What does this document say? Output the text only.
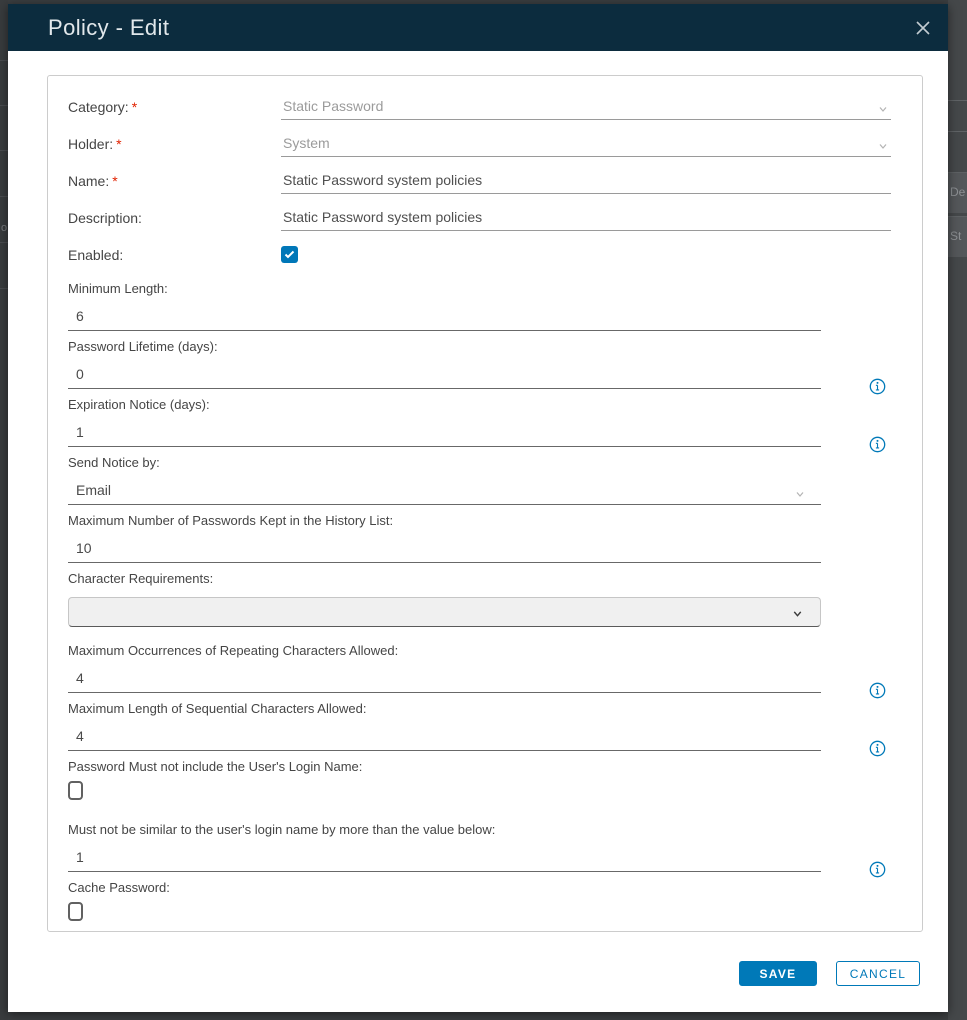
o
De
St
Policy - Edit
Category: *
Static Password
Holder: *
System
Name: *
Static Password system policies
Description:
Static Password system policies
Enabled:
Minimum Length:
6
Password Lifetime (days):
0
Expiration Notice (days):
1
Send Notice by:
Email
Maximum Number of Passwords Kept in the History List:
10
Character Requirements:
Maximum Occurrences of Repeating Characters Allowed:
4
Maximum Length of Sequential Characters Allowed:
4
Password Must not include the User's Login Name:
Must not be similar to the user's login name by more than the value below:
1
Cache Password:
SAVE	CANCEL
